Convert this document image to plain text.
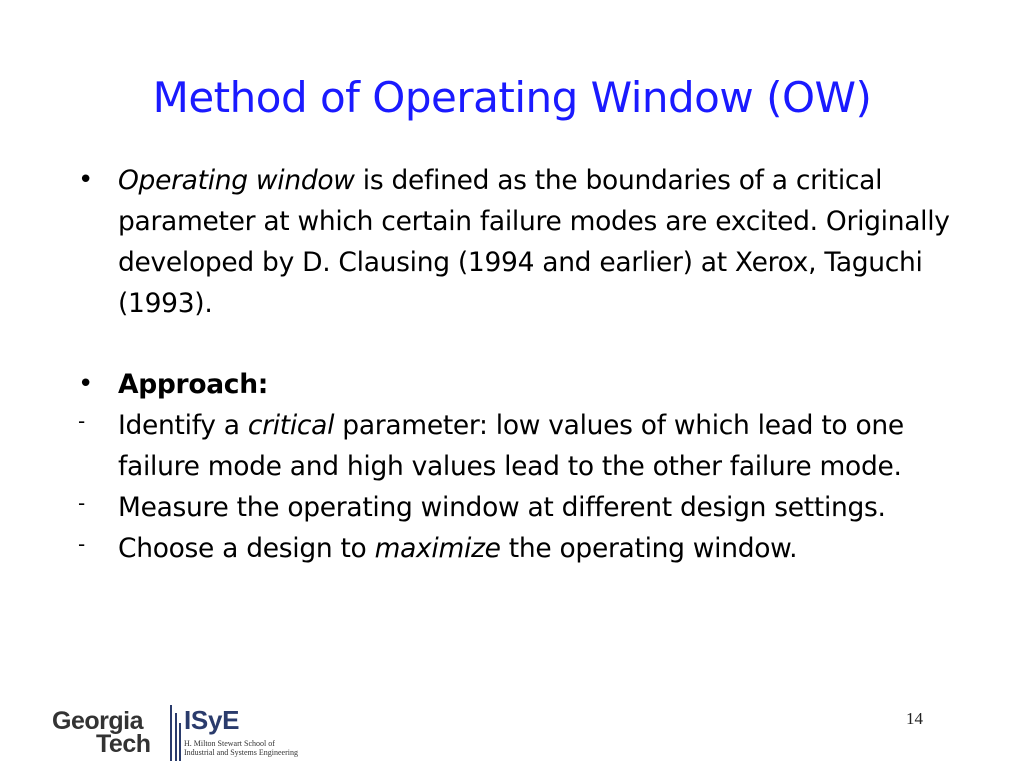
Method of Operating Window (OW)
• Operating window is defined as the boundaries of a critical parameter at which certain failure modes are excited. Originally developed by D. Clausing (1994 and earlier) at Xerox, Taguchi (1993).
• Approach:
-	Identify a critical parameter: low values of which lead to one failure mode and high values lead to the other failure mode.
-	Measure the operating window at different design settings.
-	Choose a design to maximize the operating window.
Georgia
Tech
ISyE
H. Milton Stewart School of
Industrial and Systems Engineering
14
